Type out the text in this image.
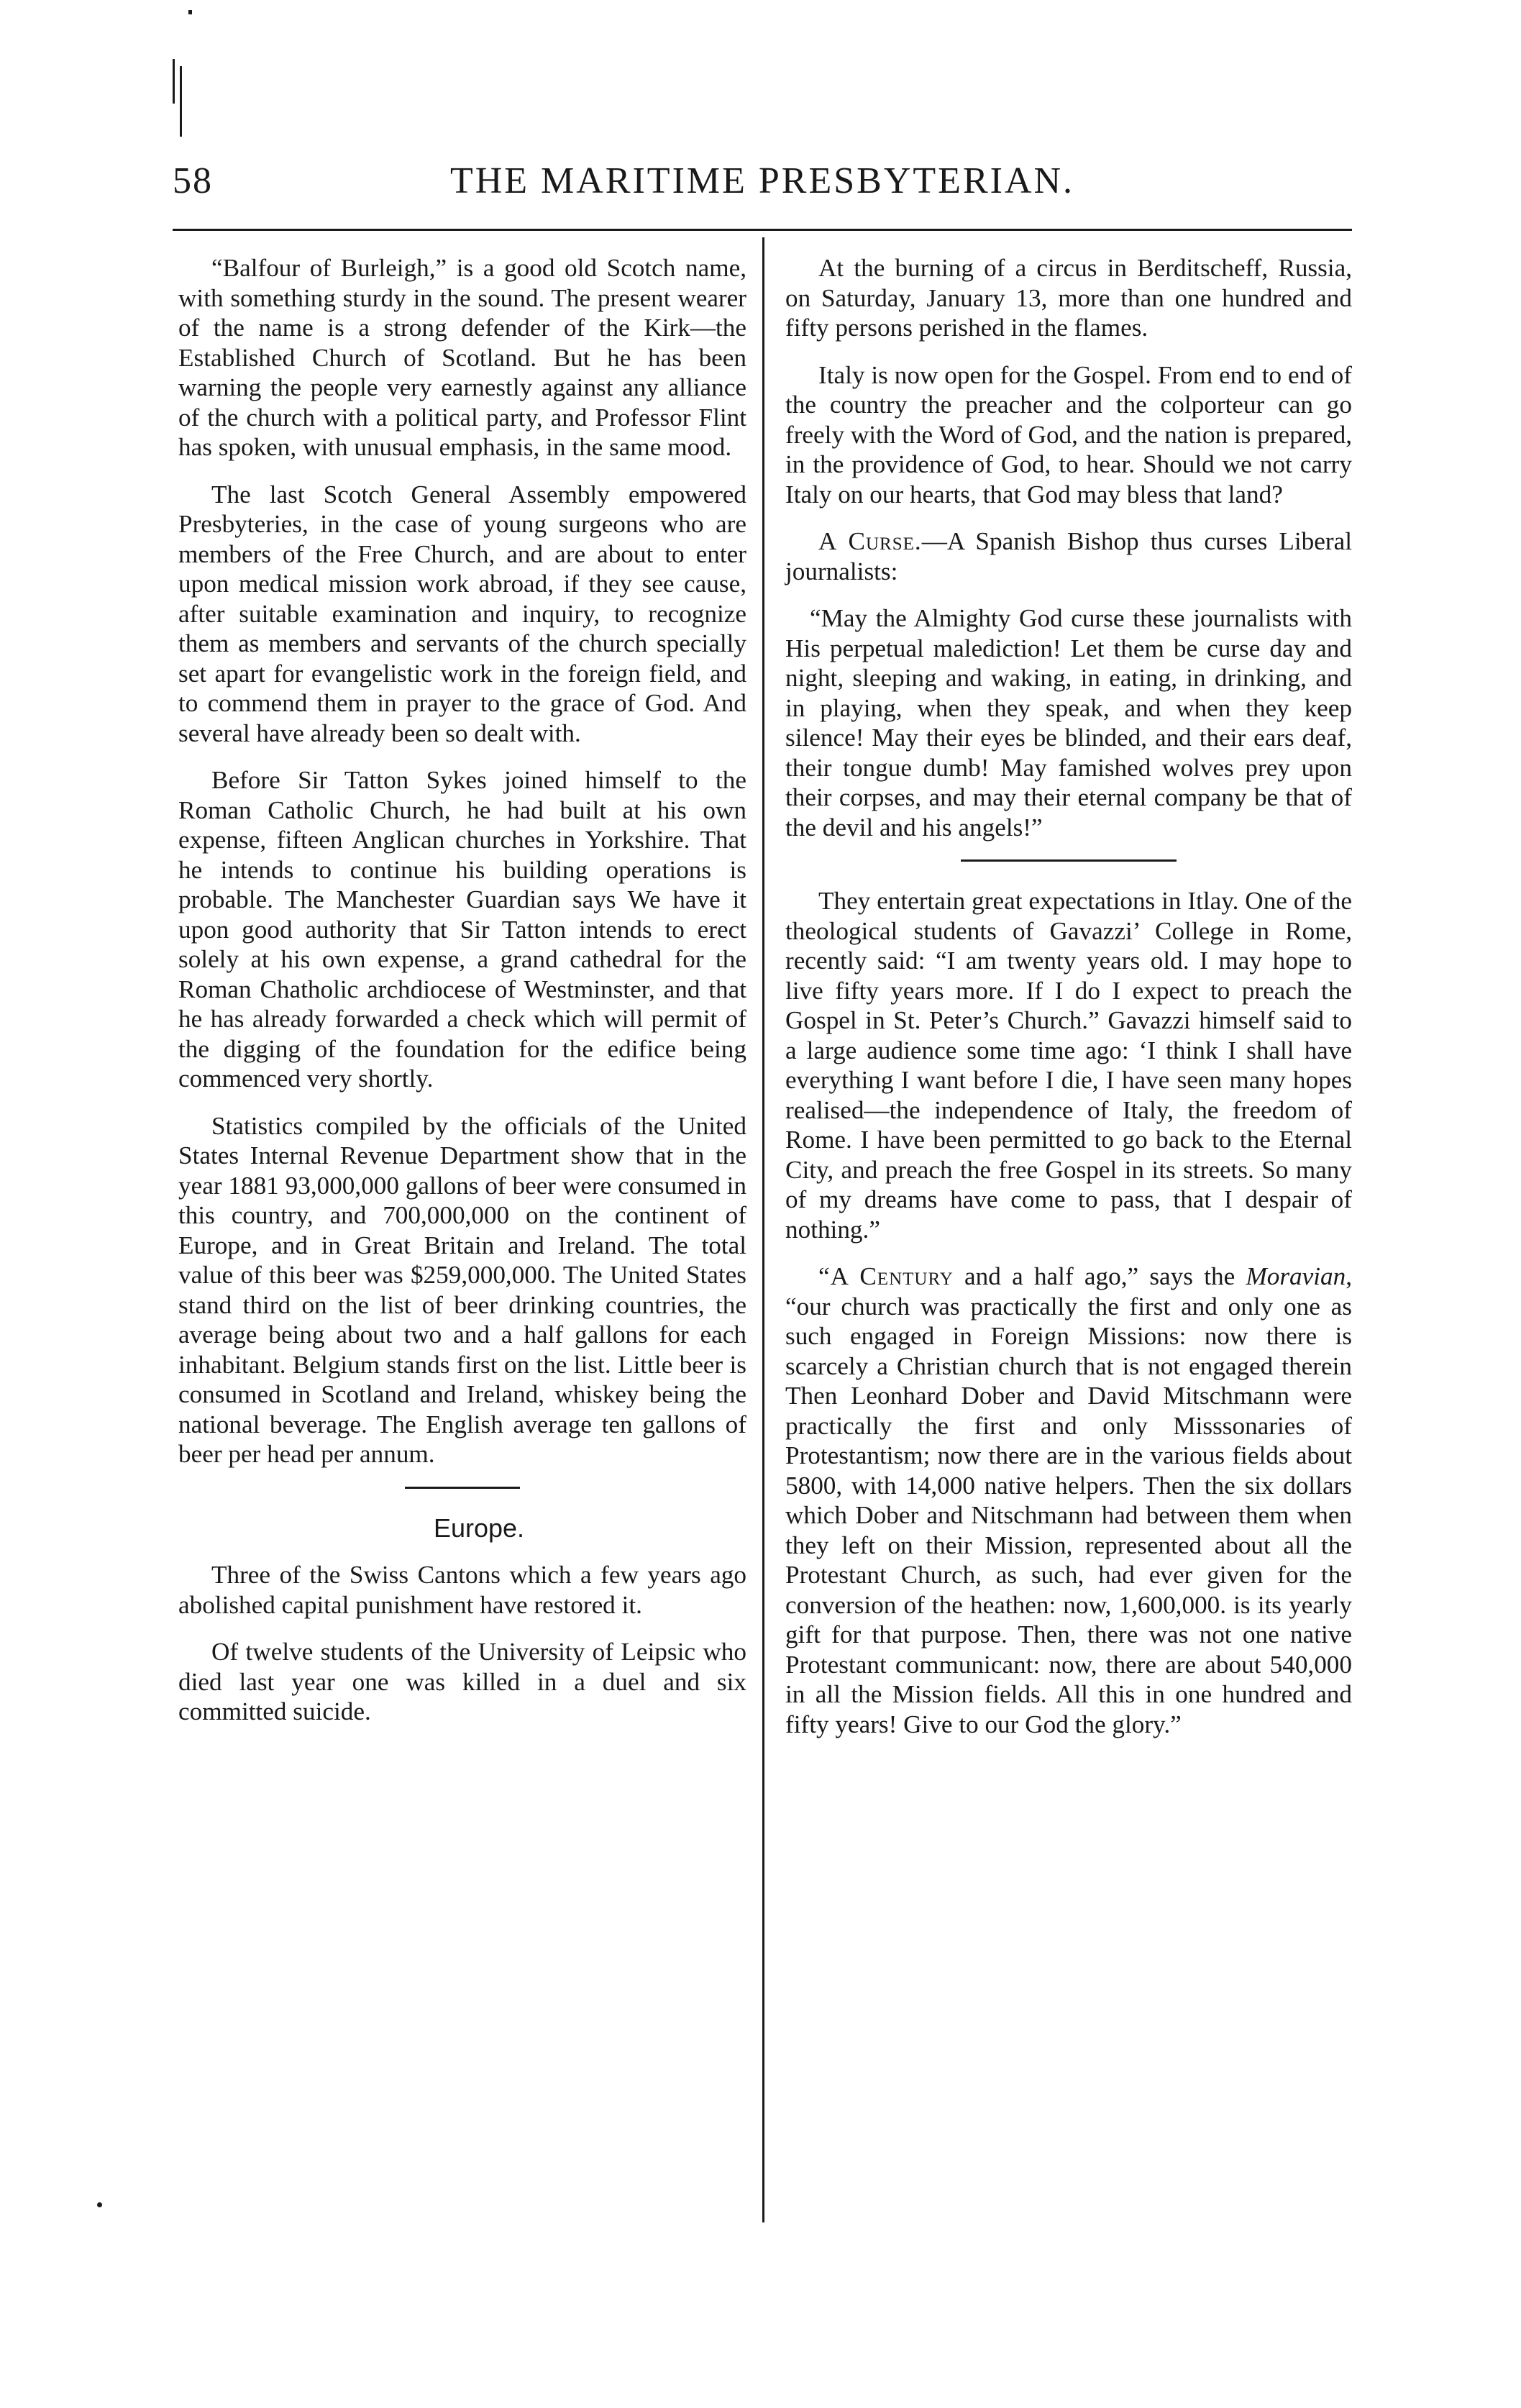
58	THE MARITIME PRESBYTERIAN.

“Balfour of Burleigh,” is a good old Scotch name, with something sturdy in the sound. The present wearer of the name is a strong defender of the Kirk—the Established Church of Scotland. But he has been warning the people very earnestly against any alliance of the church with a political party, and Professor Flint has spoken, with unusual emphasis, in the same mood.

The last Scotch General Assembly empowered Presbyteries, in the case of young surgeons who are members of the Free Church, and are about to enter upon medical mission work abroad, if they see cause, after suitable examination and inquiry, to recognize them as members and servants of the church specially set apart for evangelistic work in the foreign field, and to commend them in prayer to the grace of God. And several have already been so dealt with.

Before Sir Tatton Sykes joined himself to the Roman Catholic Church, he had built at his own expense, fifteen Anglican churches in Yorkshire. That he intends to continue his building operations is probable. The Manchester Guardian says We have it upon good authority that Sir Tatton intends to erect solely at his own expense, a grand cathedral for the Roman Chatholic archdiocese of Westminster, and that he has already forwarded a check which will permit of the digging of the foundation for the edifice being commenced very shortly.

Statistics compiled by the officials of the United States Internal Revenue Department show that in the year 1881 93,000,000 gallons of beer were consumed in this country, and 700,000,000 on the continent of Europe, and in Great Britain and Ireland. The total value of this beer was $259,000,000. The United States stand third on the list of beer drinking countries, the average being about two and a half gallons for each inhabitant. Belgium stands first on the list. Little beer is consumed in Scotland and Ireland, whiskey being the national beverage. The English average ten gallons of beer per head per annum.

Europe.

Three of the Swiss Cantons which a few years ago abolished capital punishment have restored it.

Of twelve students of the University of Leipsic who died last year one was killed in a duel and six committed suicide.

At the burning of a circus in Berditscheff, Russia, on Saturday, January 13, more than one hundred and fifty persons perished in the flames.

Italy is now open for the Gospel. From end to end of the country the preacher and the colporteur can go freely with the Word of God, and the nation is prepared, in the providence of God, to hear. Should we not carry Italy on our hearts, that God may bless that land?

A Curse.—A Spanish Bishop thus curses Liberal journalists:

“May the Almighty God curse these journalists with His perpetual malediction! Let them be curse day and night, sleeping and waking, in eating, in drinking, and in playing, when they speak, and when they keep silence! May their eyes be blinded, and their ears deaf, their tongue dumb! May famished wolves prey upon their corpses, and may their eternal company be that of the devil and his angels!”

They entertain great expectations in Itlay. One of the theological students of Gavazzi’ College in Rome, recently said: “I am twenty years old. I may hope to live fifty years more. If I do I expect to preach the Gospel in St. Peter’s Church.” Gavazzi himself said to a large audience some time ago: ‘I think I shall have everything I want before I die, I have seen many hopes realised—the independence of Italy, the freedom of Rome. I have been permitted to go back to the Eternal City, and preach the free Gospel in its streets. So many of my dreams have come to pass, that I despair of nothing.”

“A Century and a half ago,” says the Moravian, “our church was practically the first and only one as such engaged in Foreign Missions: now there is scarcely a Christian church that is not engaged therein Then Leonhard Dober and David Mitschmann were practically the first and only Misssonaries of Protestantism; now there are in the various fields about 5800, with 14,000 native helpers. Then the six dollars which Dober and Nitschmann had between them when they left on their Mission, represented about all the Protestant Church, as such, had ever given for the conversion of the heathen: now, 1,600,000. is its yearly gift for that purpose. Then, there was not one native Protestant communicant: now, there are about 540,000 in all the Mission fields. All this in one hundred and fifty years! Give to our God the glory.”
